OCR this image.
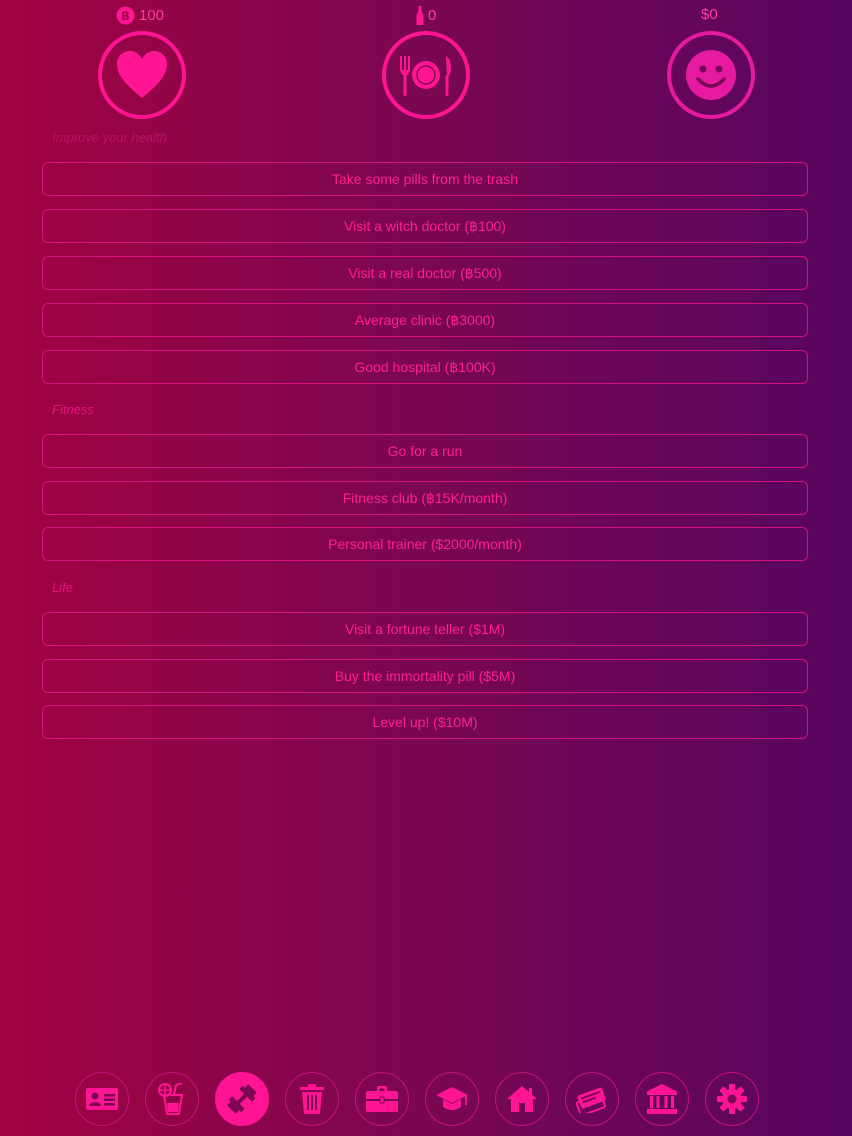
B 100	0	$0
Improve your health
Take some pills from the trash
Visit a witch doctor (฿100)
Visit a real doctor (฿500)
Average clinic (฿3000)
Good hospital (฿100K)
Fitness
Go for a run
Fitness club (฿15K/month)
Personal trainer ($2000/month)
Life
Visit a fortune teller ($1M)
Buy the immortality pill ($5M)
Level up! ($10M)
